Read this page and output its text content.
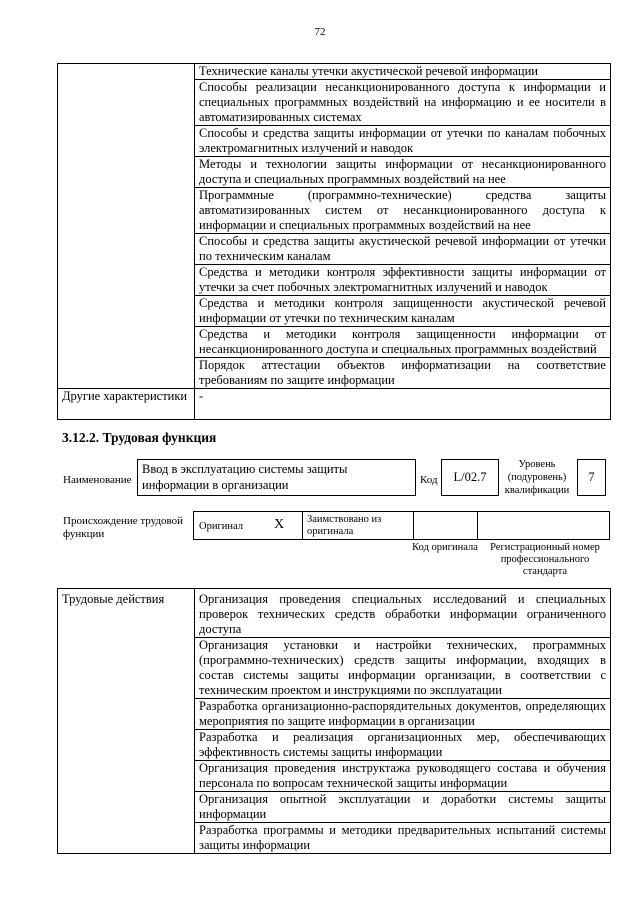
72
	Технические каналы утечки акустической речевой информации
	Способы реализации несанкционированного доступа к информации и специальных программных воздействий на информацию и ее носители в автоматизированных системах
	Способы и средства защиты информации от утечки по каналам побочных электромагнитных излучений и наводок
	Методы и технологии защиты информации от несанкционированного доступа и специальных программных воздействий на нее
	Программные (программно-технические) средства защиты автоматизированных систем от несанкционированного доступа к информации и специальных программных воздействий на нее
	Способы и средства защиты акустической речевой информации от утечки по техническим каналам
	Средства и методики контроля эффективности защиты информации от утечки за счет побочных электромагнитных излучений и наводок
	Средства и методики контроля защищенности акустической речевой информации от утечки по техническим каналам
	Средства и методики контроля защищенности информации от несанкционированного доступа и специальных программных воздействий
	Порядок аттестации объектов информатизации на соответствие требованиям по защите информации
Другие характеристики	-
3.12.2. Трудовая функция
Наименование
Ввод в эксплуатацию системы защиты информации в организации	Код	L/02.7
Уровень (подуровень) квалификации
7
Происхождение трудовой функции
Оригинал X	Заимствовано из оригинала
Код оригинала	Регистрационный номер профессионального стандарта
Трудовые действия	Организация проведения специальных исследований и специальных проверок технических средств обработки информации ограниченного доступа
Организация установки и настройки технических, программных (программно-технических) средств защиты информации, входящих в состав системы защиты информации организации, в соответствии с техническим проектом и инструкциями по эксплуатации
Разработка организационно-распорядительных документов, определяющих мероприятия по защите информации в организации
Разработка и реализация организационных мер, обеспечивающих эффективность системы защиты информации
Организация проведения инструктажа руководящего состава и обучения персонала по вопросам технической защиты информации
Организация опытной эксплуатации и доработки системы защиты информации
Разработка программы и методики предварительных испытаний системы защиты информации
